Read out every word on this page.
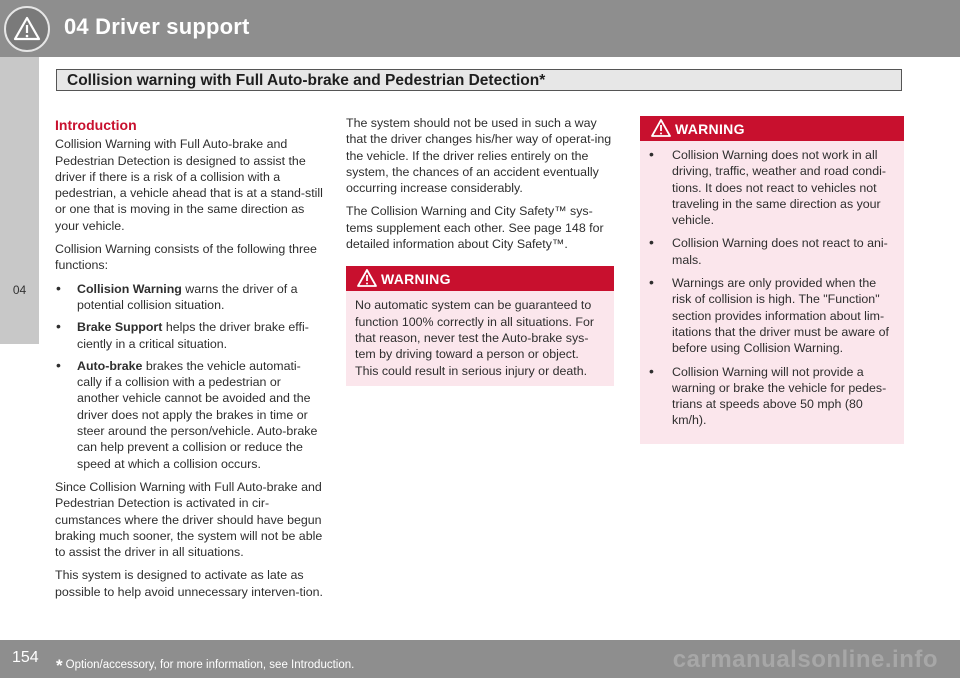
04 Driver support
Collision warning with Full Auto-brake and Pedestrian Detection*
04
Introduction

Collision Warning with Full Auto-brake and Pedestrian Detection is designed to assist the driver if there is a risk of a collision with a pedestrian, a vehicle ahead that is at a stand-still or one that is moving in the same direction as your vehicle.

Collision Warning consists of the following three functions:

• Collision Warning warns the driver of a potential collision situation.
• Brake Support helps the driver brake effi-ciently in a critical situation.
• Auto-brake brakes the vehicle automati-cally if a collision with a pedestrian or another vehicle cannot be avoided and the driver does not apply the brakes in time or steer around the person/vehicle. Auto-brake can help prevent a collision or reduce the speed at which a collision occurs.

Since Collision Warning with Full Auto-brake and Pedestrian Detection is activated in cir-cumstances where the driver should have begun braking much sooner, the system will not be able to assist the driver in all situations.

This system is designed to activate as late as possible to help avoid unnecessary interven-tion.

The system should not be used in such a way that the driver changes his/her way of operat-ing the vehicle. If the driver relies entirely on the system, the chances of an accident eventually occurring increase considerably.

The Collision Warning and City Safety™ sys-tems supplement each other. See page 148 for detailed information about City Safety™.

WARNING
No automatic system can be guaranteed to function 100% correctly in all situations. For that reason, never test the Auto-brake sys-tem by driving toward a person or object. This could result in serious injury or death.
WARNING
• Collision Warning does not work in all driving, traffic, weather and road condi-tions. It does not react to vehicles not traveling in the same direction as your vehicle.
• Collision Warning does not react to ani-mals.
• Warnings are only provided when the risk of collision is high. The "Function" section provides information about lim-itations that the driver must be aware of before using Collision Warning.
• Collision Warning will not provide a warning or brake the vehicle for pedes-trians at speeds above 50 mph (80 km/h).
154 * Option/accessory, for more information, see Introduction.	carmanualsonline.info
